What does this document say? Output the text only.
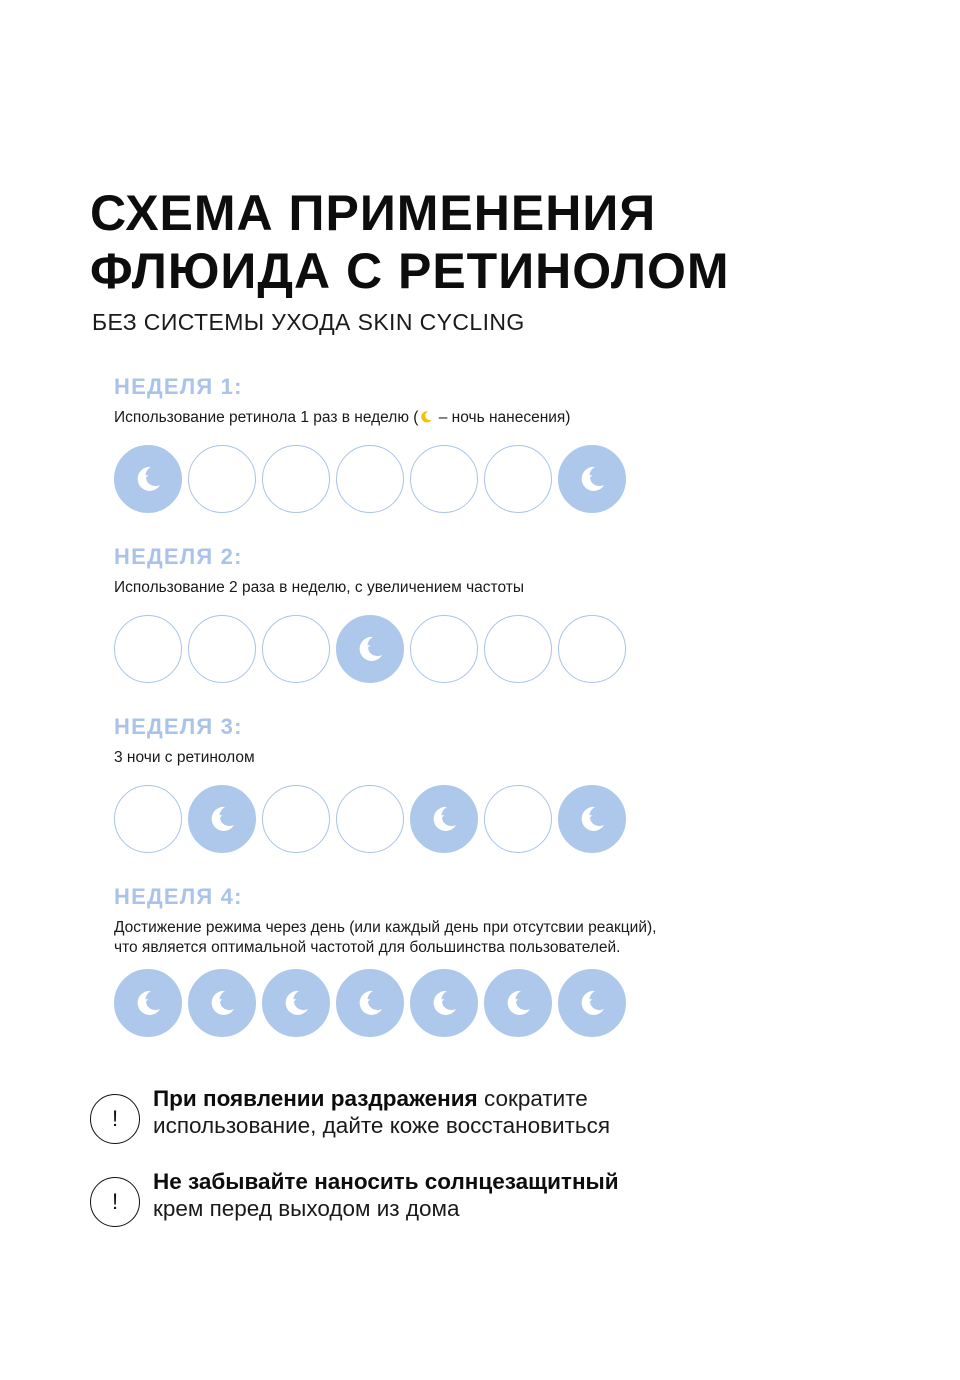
СХЕМА ПРИМЕНЕНИЯ
ФЛЮИДА С РЕТИНОЛОМ
БЕЗ СИСТЕМЫ УХОДА SKIN CYCLING
НЕДЕЛЯ 1:
Использование ретинола 1 раз в неделю ( – ночь нанесения)
НЕДЕЛЯ 2:
Использование 2 раза в неделю, с увеличением частоты
НЕДЕЛЯ 3:
3 ночи с ретинолом
НЕДЕЛЯ 4:
Достижение режима через день (или каждый день при отсутсвии реакций),
что является оптимальной частотой для большинства пользователей.
!
При появлении раздражения сократите
использование, дайте коже восстановиться
!
Не забывайте наносить солнцезащитный
крем перед выходом из дома
